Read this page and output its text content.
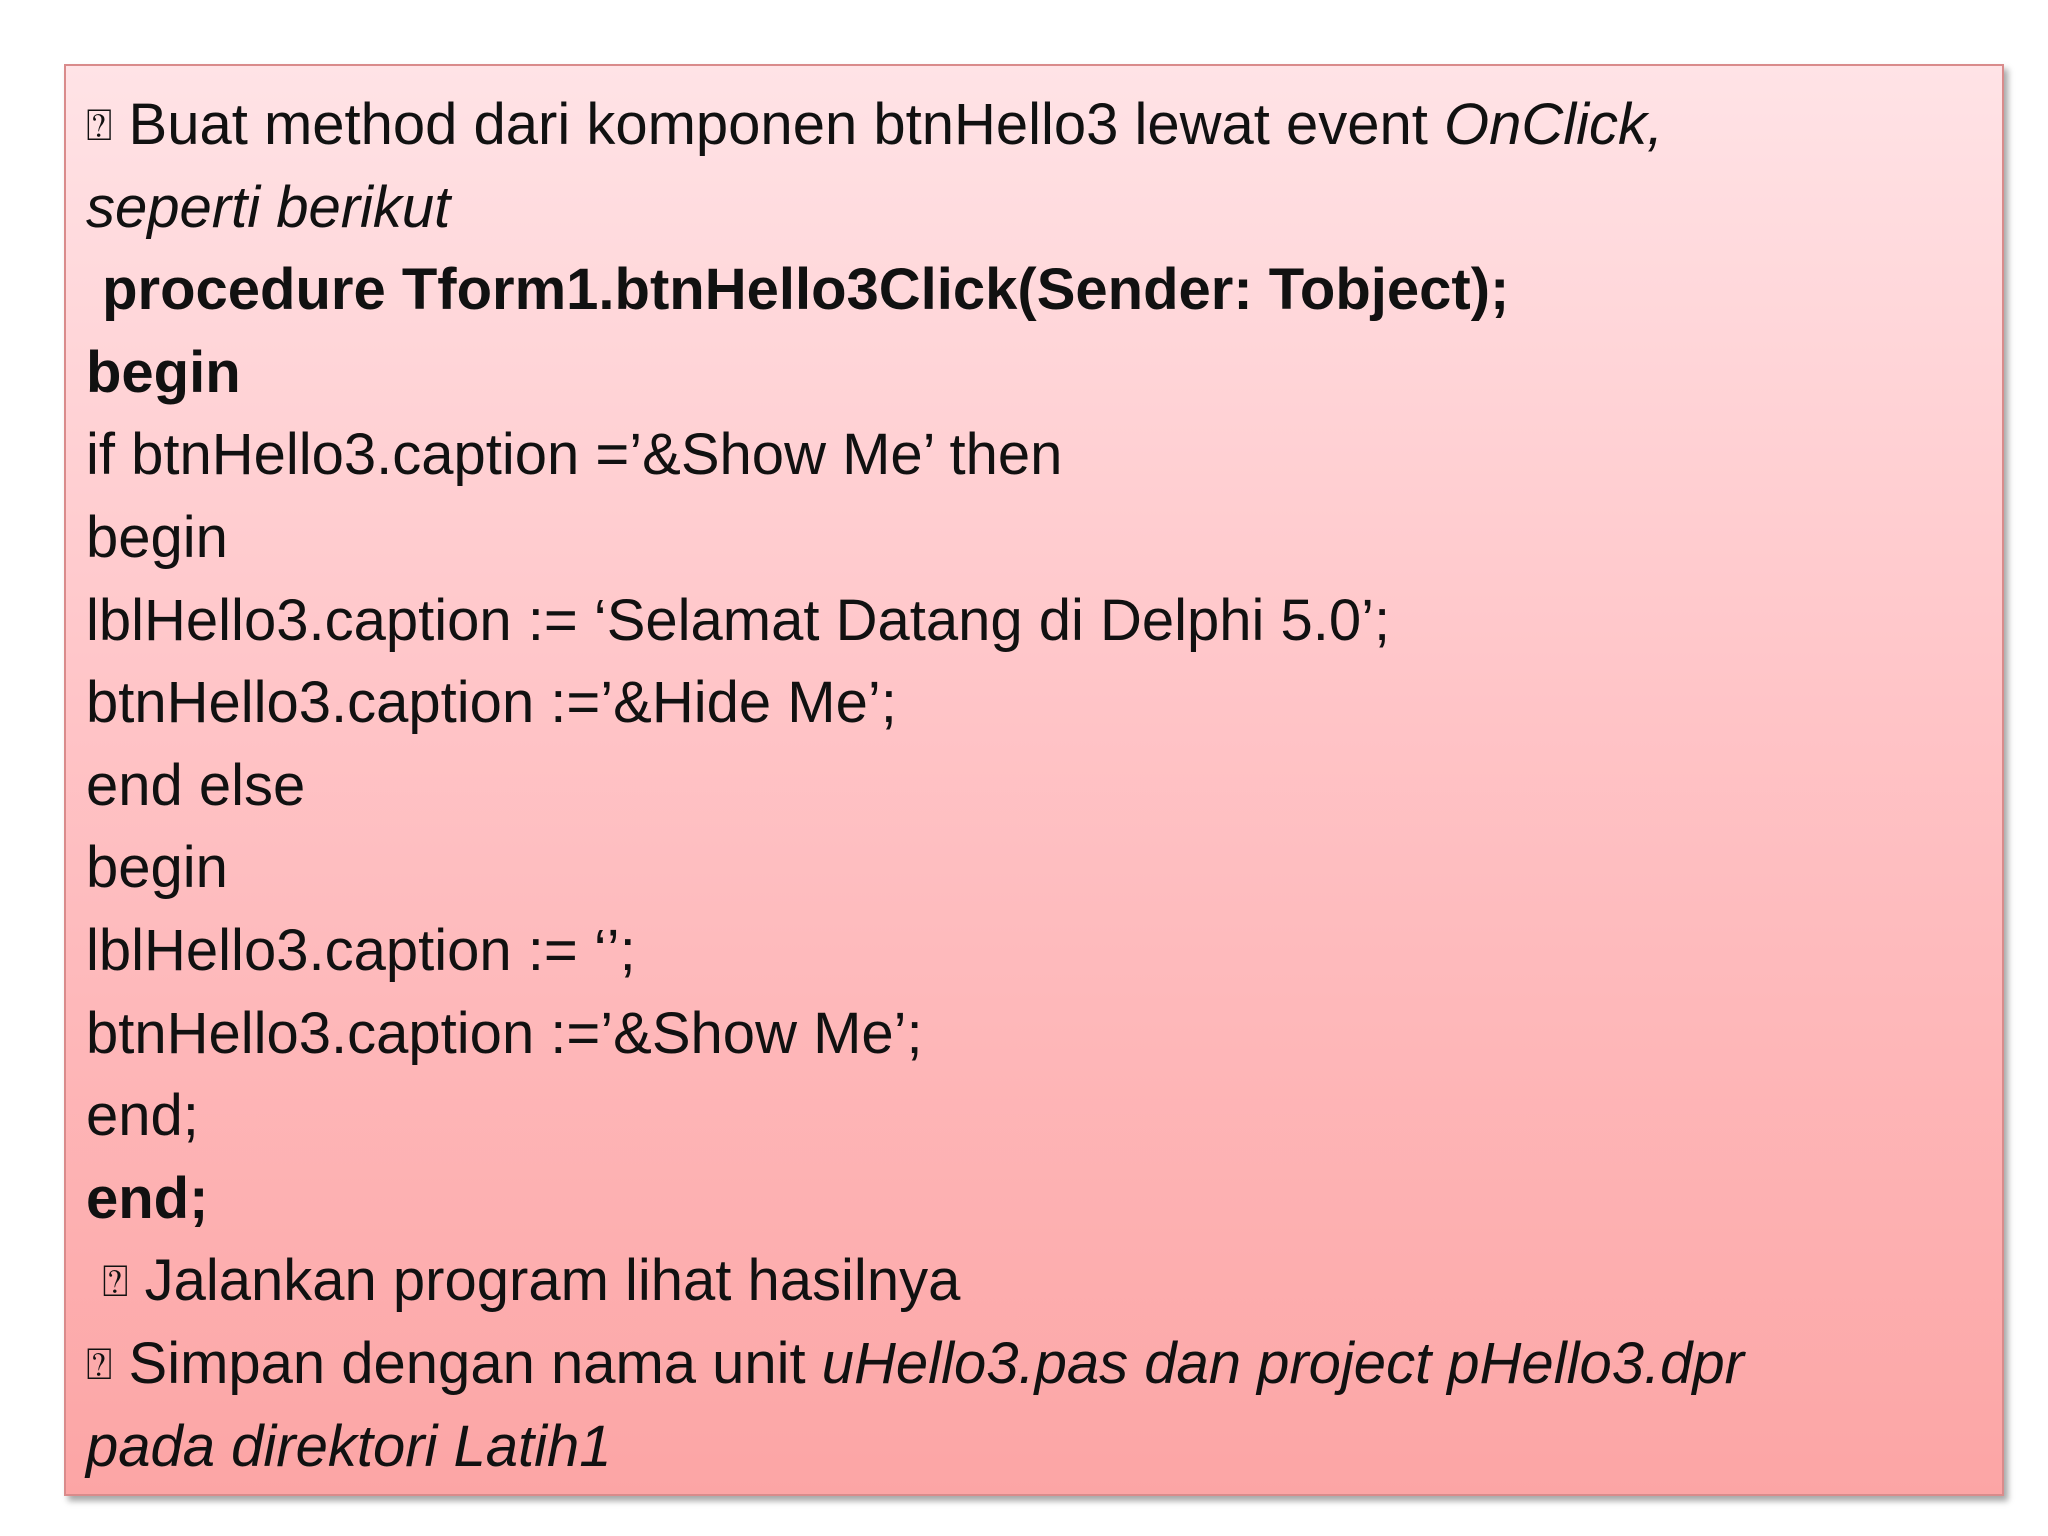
⍰ Buat method dari komponen btnHello3 lewat event OnClick,
seperti berikut
procedure Tform1.btnHello3Click(Sender: Tobject);
begin
if btnHello3.caption =’&Show Me’ then
begin
lblHello3.caption := ‘Selamat Datang di Delphi 5.0’;
btnHello3.caption :=’&Hide Me’;
end else
begin
lblHello3.caption := ‘’;
btnHello3.caption :=’&Show Me’;
end;
end;
⍰ Jalankan program lihat hasilnya
⍰ Simpan dengan nama unit uHello3.pas dan project pHello3.dpr
pada direktori Latih1
